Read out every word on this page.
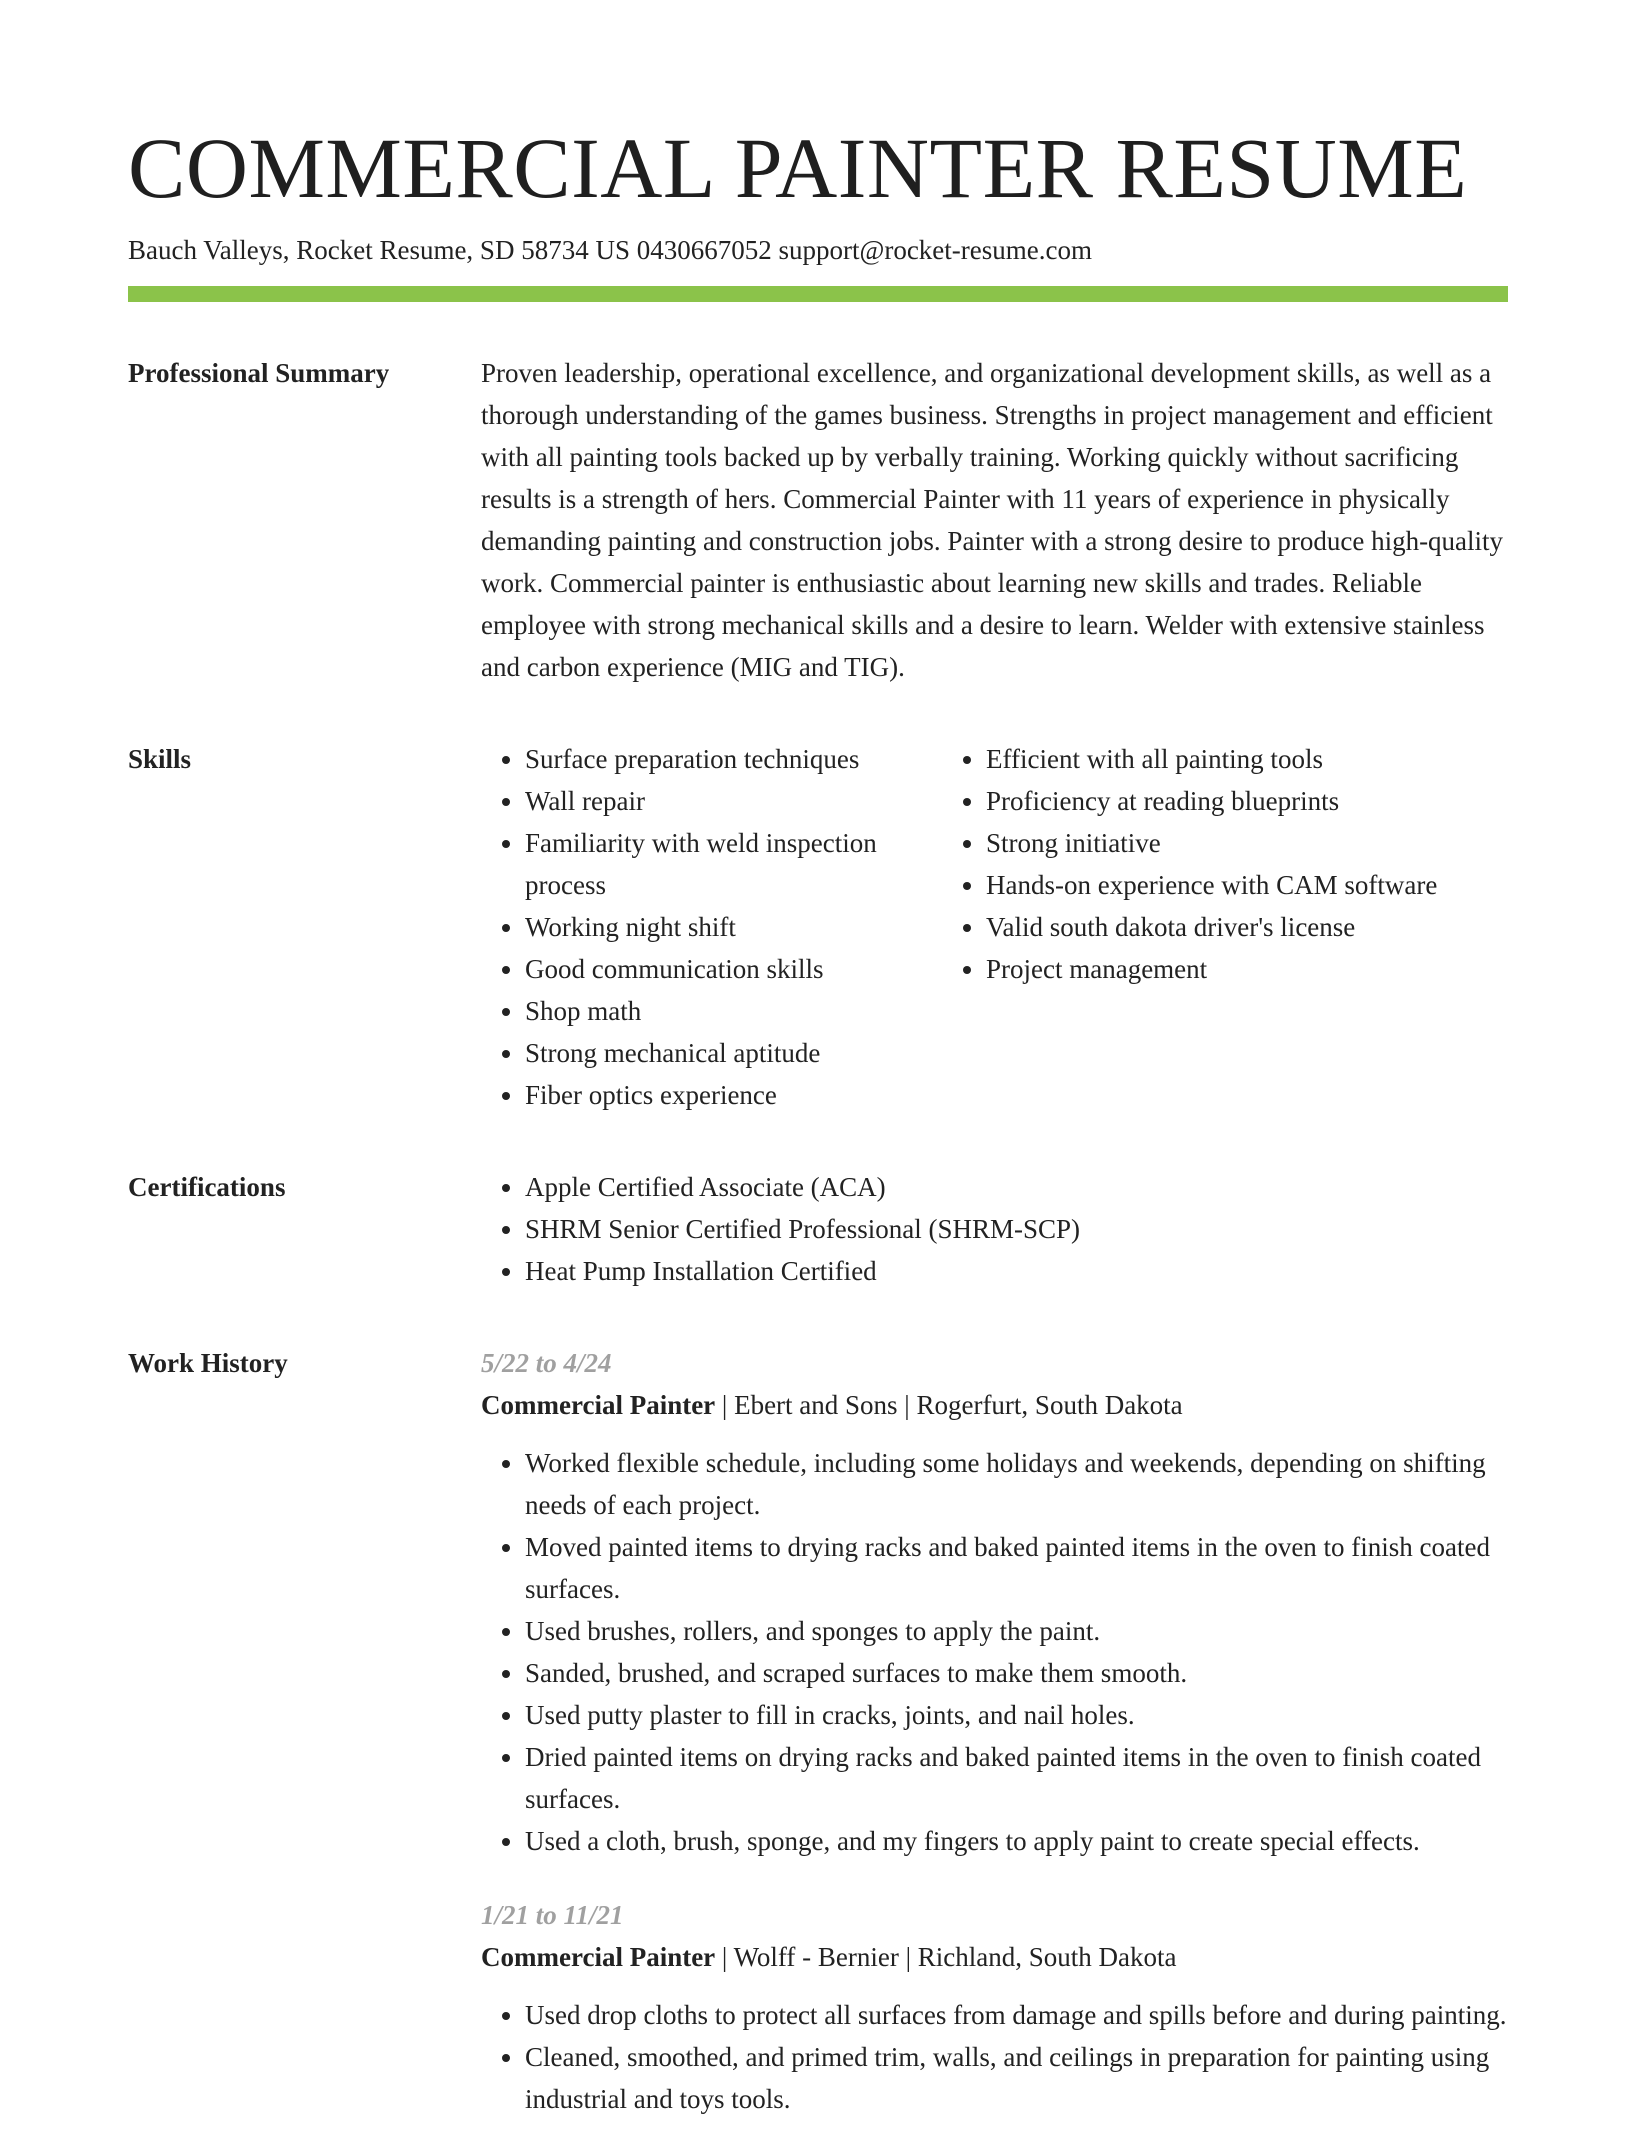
COMMERCIAL PAINTER RESUME
Bauch Valleys, Rocket Resume, SD 58734 US 0430667052 support@rocket-resume.com
Professional Summary	Proven leadership, operational excellence, and organizational development skills, as well as a thorough understanding of the games business. Strengths in project management and efficient with all painting tools backed up by verbally training. Working quickly without sacrificing results is a strength of hers. Commercial Painter with 11 years of experience in physically demanding painting and construction jobs. Painter with a strong desire to produce high-quality work. Commercial painter is enthusiastic about learning new skills and trades. Reliable employee with strong mechanical skills and a desire to learn. Welder with extensive stainless and carbon experience (MIG and TIG).

Skills	• Surface preparation techniques
• Wall repair
• Familiarity with weld inspection process
• Working night shift
• Good communication skills
• Shop math
• Strong mechanical aptitude
• Fiber optics experience
• Efficient with all painting tools
• Proficiency at reading blueprints
• Strong initiative
• Hands-on experience with CAM software
• Valid south dakota driver's license
• Project management
Certifications	• Apple Certified Associate (ACA)
• SHRM Senior Certified Professional (SHRM-SCP)
• Heat Pump Installation Certified
Work History	5/22 to 4/24
Commercial Painter | Ebert and Sons | Rogerfurt, South Dakota
• Worked flexible schedule, including some holidays and weekends, depending on shifting needs of each project.
• Moved painted items to drying racks and baked painted items in the oven to finish coated surfaces.
• Used brushes, rollers, and sponges to apply the paint.
• Sanded, brushed, and scraped surfaces to make them smooth.
• Used putty plaster to fill in cracks, joints, and nail holes.
• Dried painted items on drying racks and baked painted items in the oven to finish coated surfaces.
• Used a cloth, brush, sponge, and my fingers to apply paint to create special effects.
1/21 to 11/21
Commercial Painter | Wolff - Bernier | Richland, South Dakota
• Used drop cloths to protect all surfaces from damage and spills before and during painting.
• Cleaned, smoothed, and primed trim, walls, and ceilings in preparation for painting using industrial and toys tools.
